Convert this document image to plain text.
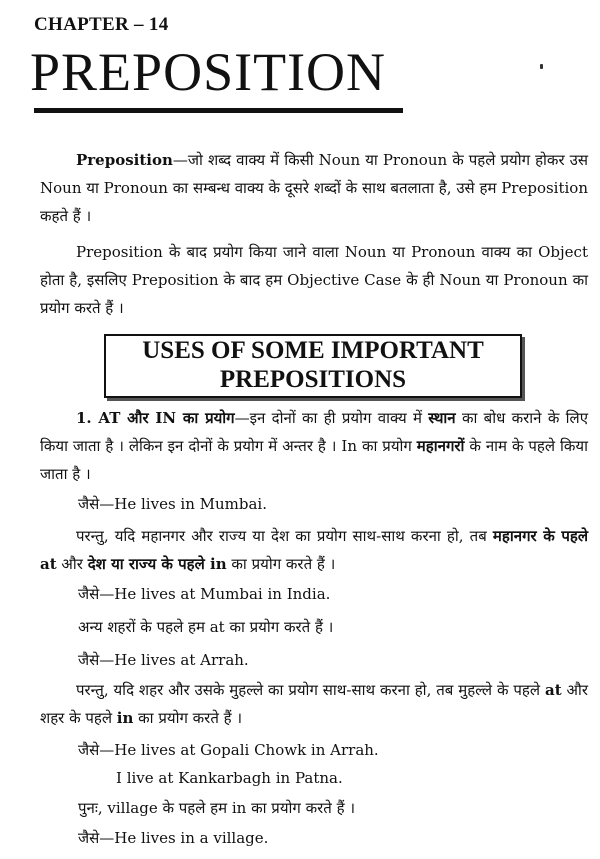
CHAPTER – 14
PREPOSITION

Preposition—जो शब्द वाक्य में किसी Noun या Pronoun के पहले प्रयोग होकर उस Noun या Pronoun का सम्बन्ध वाक्य के दूसरे शब्दों के साथ बतलाता है, उसे हम Preposition कहते हैं ।

Preposition के बाद प्रयोग किया जाने वाला Noun या Pronoun वाक्य का Object होता है, इसलिए Preposition के बाद हम Objective Case के ही Noun या Pronoun का प्रयोग करते हैं ।

USES OF SOME IMPORTANT
PREPOSITIONS

1. AT और IN का प्रयोग—इन दोनों का ही प्रयोग वाक्य में स्थान का बोध कराने के लिए किया जाता है । लेकिन इन दोनों के प्रयोग में अन्तर है । In का प्रयोग महानगरों के नाम के पहले किया जाता है ।

जैसे—He lives in Mumbai.

परन्तु, यदि महानगर और राज्य या देश का प्रयोग साथ-साथ करना हो, तब महानगर के पहले at और देश या राज्य के पहले in का प्रयोग करते हैं ।

जैसे—He lives at Mumbai in India.
अन्य शहरों के पहले हम at का प्रयोग करते हैं ।
जैसे—He lives at Arrah.

परन्तु, यदि शहर और उसके मुहल्ले का प्रयोग साथ-साथ करना हो, तब मुहल्ले के पहले at और शहर के पहले in का प्रयोग करते हैं ।

जैसे—He lives at Gopali Chowk in Arrah.
I live at Kankarbagh in Patna.
पुनः, village के पहले हम in का प्रयोग करते हैं ।
जैसे—He lives in a village.
